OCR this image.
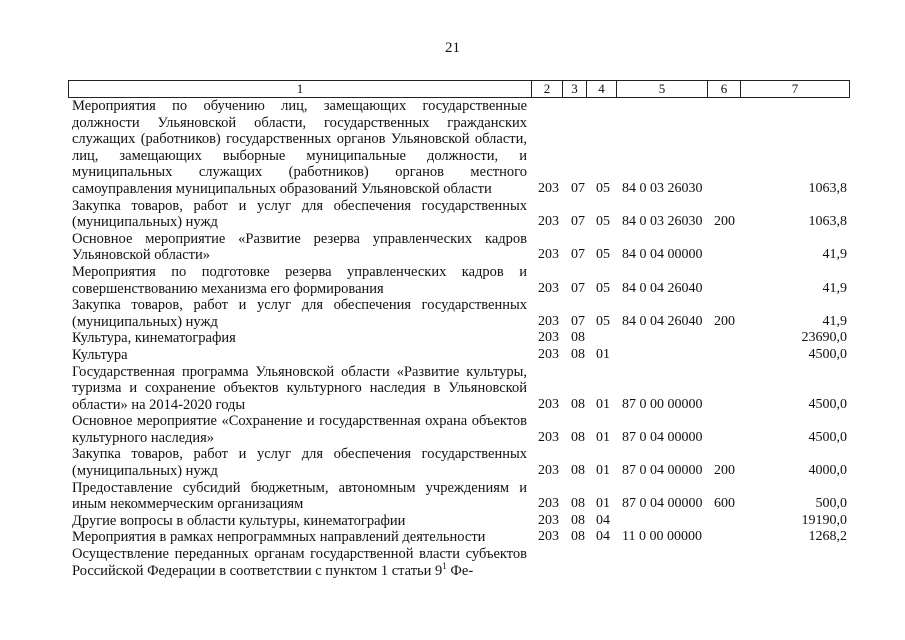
21
1	2	3	4	5	6	7
Мероприятия по обучению лиц, замещающих государственные должности Ульяновской области, государственных гражданских служащих (работников) государственных органов Ульяновской области, лиц, замещающих выборные муниципальные должности, и муниципальных служащих (работников) органов местного самоуправления муниципальных образований Ульяновской области	203 07 05 84 0 03 26030	1063,8
Закупка товаров, работ и услуг для обеспечения государственных (муниципальных) нужд	203 07 05 84 0 03 26030 200	1063,8
Основное мероприятие «Развитие резерва управленческих кадров Ульяновской области»	203 07 05 84 0 04 00000	41,9
Мероприятия по подготовке резерва управленческих кадров и совершенствованию механизма его формирования	203 07 05 84 0 04 26040	41,9
Закупка товаров, работ и услуг для обеспечения государственных (муниципальных) нужд	203 07 05 84 0 04 26040 200	41,9
Культура, кинематография	203 08	23690,0
Культура	203 08 01	4500,0
Государственная программа Ульяновской области «Развитие культуры, туризма и сохранение объектов культурного наследия в Ульяновской области» на 2014-2020 годы	203 08 01 87 0 00 00000	4500,0
Основное мероприятие «Сохранение и государственная охрана объектов культурного наследия»	203 08 01 87 0 04 00000	4500,0
Закупка товаров, работ и услуг для обеспечения государственных (муниципальных) нужд	203 08 01 87 0 04 00000 200	4000,0
Предоставление субсидий бюджетным, автономным учреждениям и иным некоммерческим организациям	203 08 01 87 0 04 00000 600	500,0
Другие вопросы в области культуры, кинематографии	203 08 04	19190,0
Мероприятия в рамках непрограммных направлений деятельности	203 08 04 11 0 00 00000	1268,2
Осуществление переданных органам государственной власти субъектов Российской Федерации в соответствии с пунктом 1 статьи $9^1$ Фе-
